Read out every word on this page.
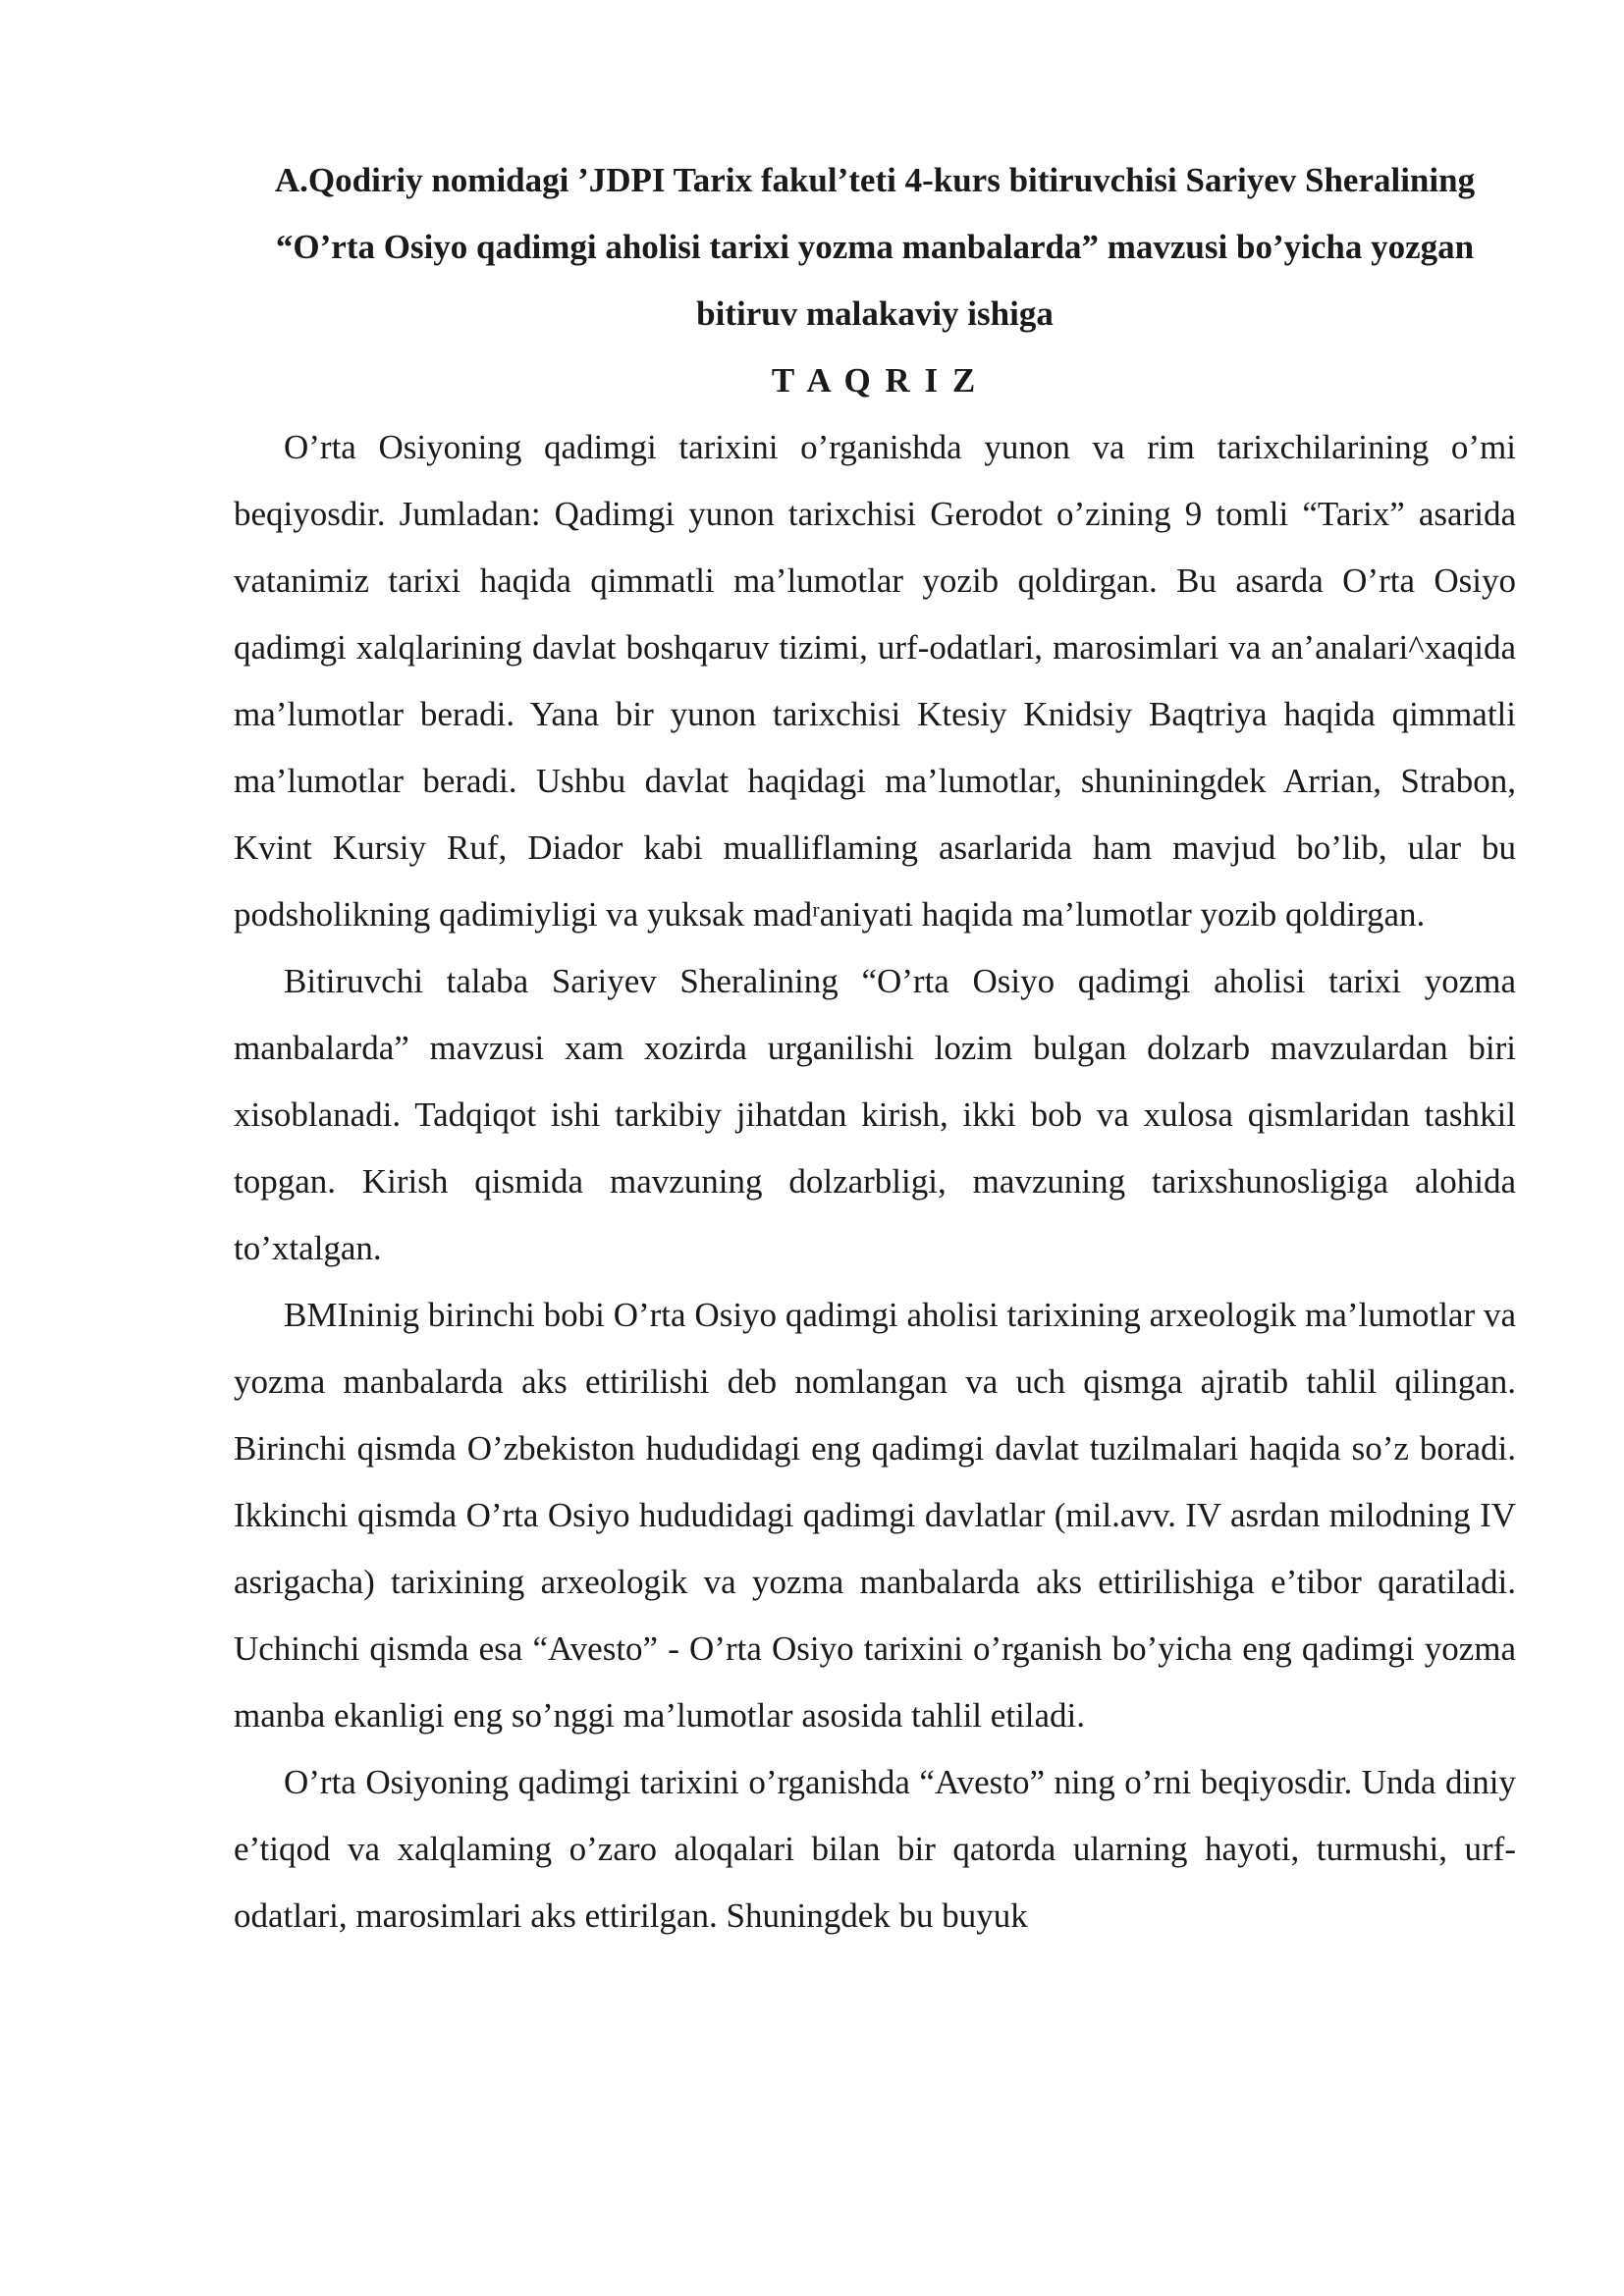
A.Qodiriy nomidagi ’JDPI Tarix fakul’teti 4-kurs bitiruvchisi Sariyev Sheralining “O’rta Osiyo qadimgi aholisi tarixi yozma manbalarda” mavzusi bo’yicha yozgan bitiruv malakaviy ishiga

T A Q R I Z

O’rta Osiyoning qadimgi tarixini o’rganishda yunon va rim tarixchilarining o’mi beqiyosdir. Jumladan: Qadimgi yunon tarixchisi Gerodot o’zining 9 tomli “Tarix” asarida vatanimiz tarixi haqida qimmatli ma’lumotlar yozib qoldirgan. Bu asarda O’rta Osiyo qadimgi xalqlarining davlat boshqaruv tizimi, urf-odatlari, marosimlari va an’analari^xaqida ma’lumotlar beradi. Yana bir yunon tarixchisi Ktesiy Knidsiy Baqtriya haqida qimmatli ma’lumotlar beradi. Ushbu davlat haqidagi ma’lumotlar, shuniningdek Arrian, Strabon, Kvint Kursiy Ruf, Diador kabi mualliflaming asarlarida ham mavjud bo’lib, ular bu podsholikning qadimiyligi va yuksak madʳaniyati haqida ma’lumotlar yozib qoldirgan.

Bitiruvchi talaba Sariyev Sheralining “O’rta Osiyo qadimgi aholisi tarixi yozma manbalarda” mavzusi xam xozirda urganilishi lozim bulgan dolzarb mavzulardan biri xisoblanadi. Tadqiqot ishi tarkibiy jihatdan kirish, ikki bob va xulosa qismlaridan tashkil topgan. Kirish qismida mavzuning dolzarbligi, mavzuning tarixshunosligiga alohida to’xtalgan.

BMIninig birinchi bobi O’rta Osiyo qadimgi aholisi tarixining arxeologik ma’lumotlar va yozma manbalarda aks ettirilishi deb nomlangan va uch qismga ajratib tahlil qilingan. Birinchi qismda O’zbekiston hududidagi eng qadimgi davlat tuzilmalari haqida so’z boradi. Ikkinchi qismda O’rta Osiyo hududidagi qadimgi davlatlar (mil.avv. IV asrdan milodning IV asrigacha) tarixining arxeologik va yozma manbalarda aks ettirilishiga e’tibor qaratiladi. Uchinchi qismda esa “Avesto” - O’rta Osiyo tarixini o’rganish bo’yicha eng qadimgi yozma manba ekanligi eng so’nggi ma’lumotlar asosida tahlil etiladi.

O’rta Osiyoning qadimgi tarixini o’rganishda “Avesto” ning o’rni beqiyosdir. Unda diniy e’tiqod va xalqlaming o’zaro aloqalari bilan bir qatorda ularning hayoti, turmushi, urf-odatlari, marosimlari aks ettirilgan. Shuningdek bu buyuk
